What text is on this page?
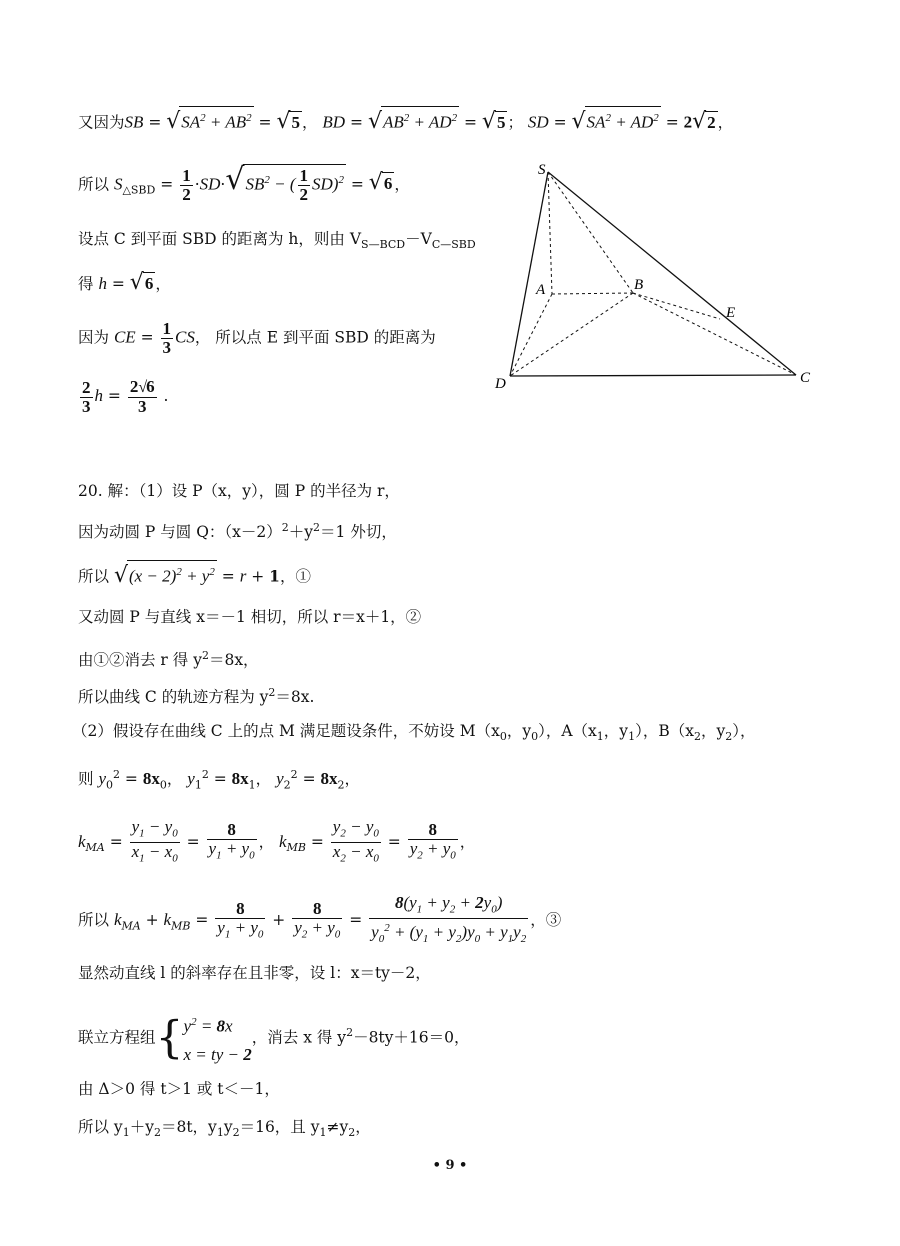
又因为SB = $√SA^2 + AB^2 = √5$ ， BD = $√AB^2 + AD^2 = √5$ ； SD = $√SA^2 + AD^2 = 2√2$ ，
所以 $S_{\triangle SBD} = \frac{1}{2} \cdot SD\cdot√SB^2$ − ( $\frac{1}{2} SD)^2 = √6$ ，
设点 C 到平面 SBD 的距离为 h，则由 $V_{S—BCD}-V_{C—SBD}$
得 h = √6 ，
因为 CE = $\frac{1}{3}$ CS， 所以点 E 到平面 SBD 的距离为
$\frac{2}{3}$ $h = \frac{2√6}{3}$ .
S
A	B
E
D	C
20. 解：（1）设 P（x，y），圆 P 的半径为 r，
因为动圆 P 与圆 Q：$(x-2)^2+y^2=1$ 外切，
所以 $√(x - 2)^2 + y^2 = r + 1$，①
又动圆 P 与直线 x＝－1 相切，所以 r＝x＋1，②
由①②消去 r 得 $y^2=8x$，
所以曲线 C 的轨迹方程为 $y^2=8x$.
（2）假设存在曲线 C 上的点 M 满足题设条件，不妨设 $M(x_0$，$y_0$），$A(x_1$，$y_1$），$B(x_2$，$y_2$），
则 $y_0^2 = 8x_0$， $y_1^2 = 8x_1$， $y_2^2 = 8x_2$，
$k_{MA} = \frac{y_1 - y_0}{x_1 - x_0} = \frac{8}{y_1 + y_0}$ ， $k_{MB} = \frac{y_2 - y_0}{x_2 - x_0} = \frac{8}{y_2 + y_0}$ ，
所以 $k_{MA} + k_{MB} = \frac{8}{y_1 + y_0} + \frac{8}{y_2 + y_0} = \frac{8(y_1 + y_2 + 2y_0)}{y_0^2 + (y_1 + y_2)y_0 + y_1y_2}$ ，③
显然动直线 l 的斜率存在且非零，设 l：x＝ty－2，
联立方程组{ $y^2 = 8x$
x = ty − 2
，消去 x 得 $y^2-8ty+16=0$，
由 Δ＞0 得 t＞1 或 t＜－1，
所以 $y_1+y_2=8t$，$y_1y_2=16$，且 $y_1\ne y_2$，
• 9 •
